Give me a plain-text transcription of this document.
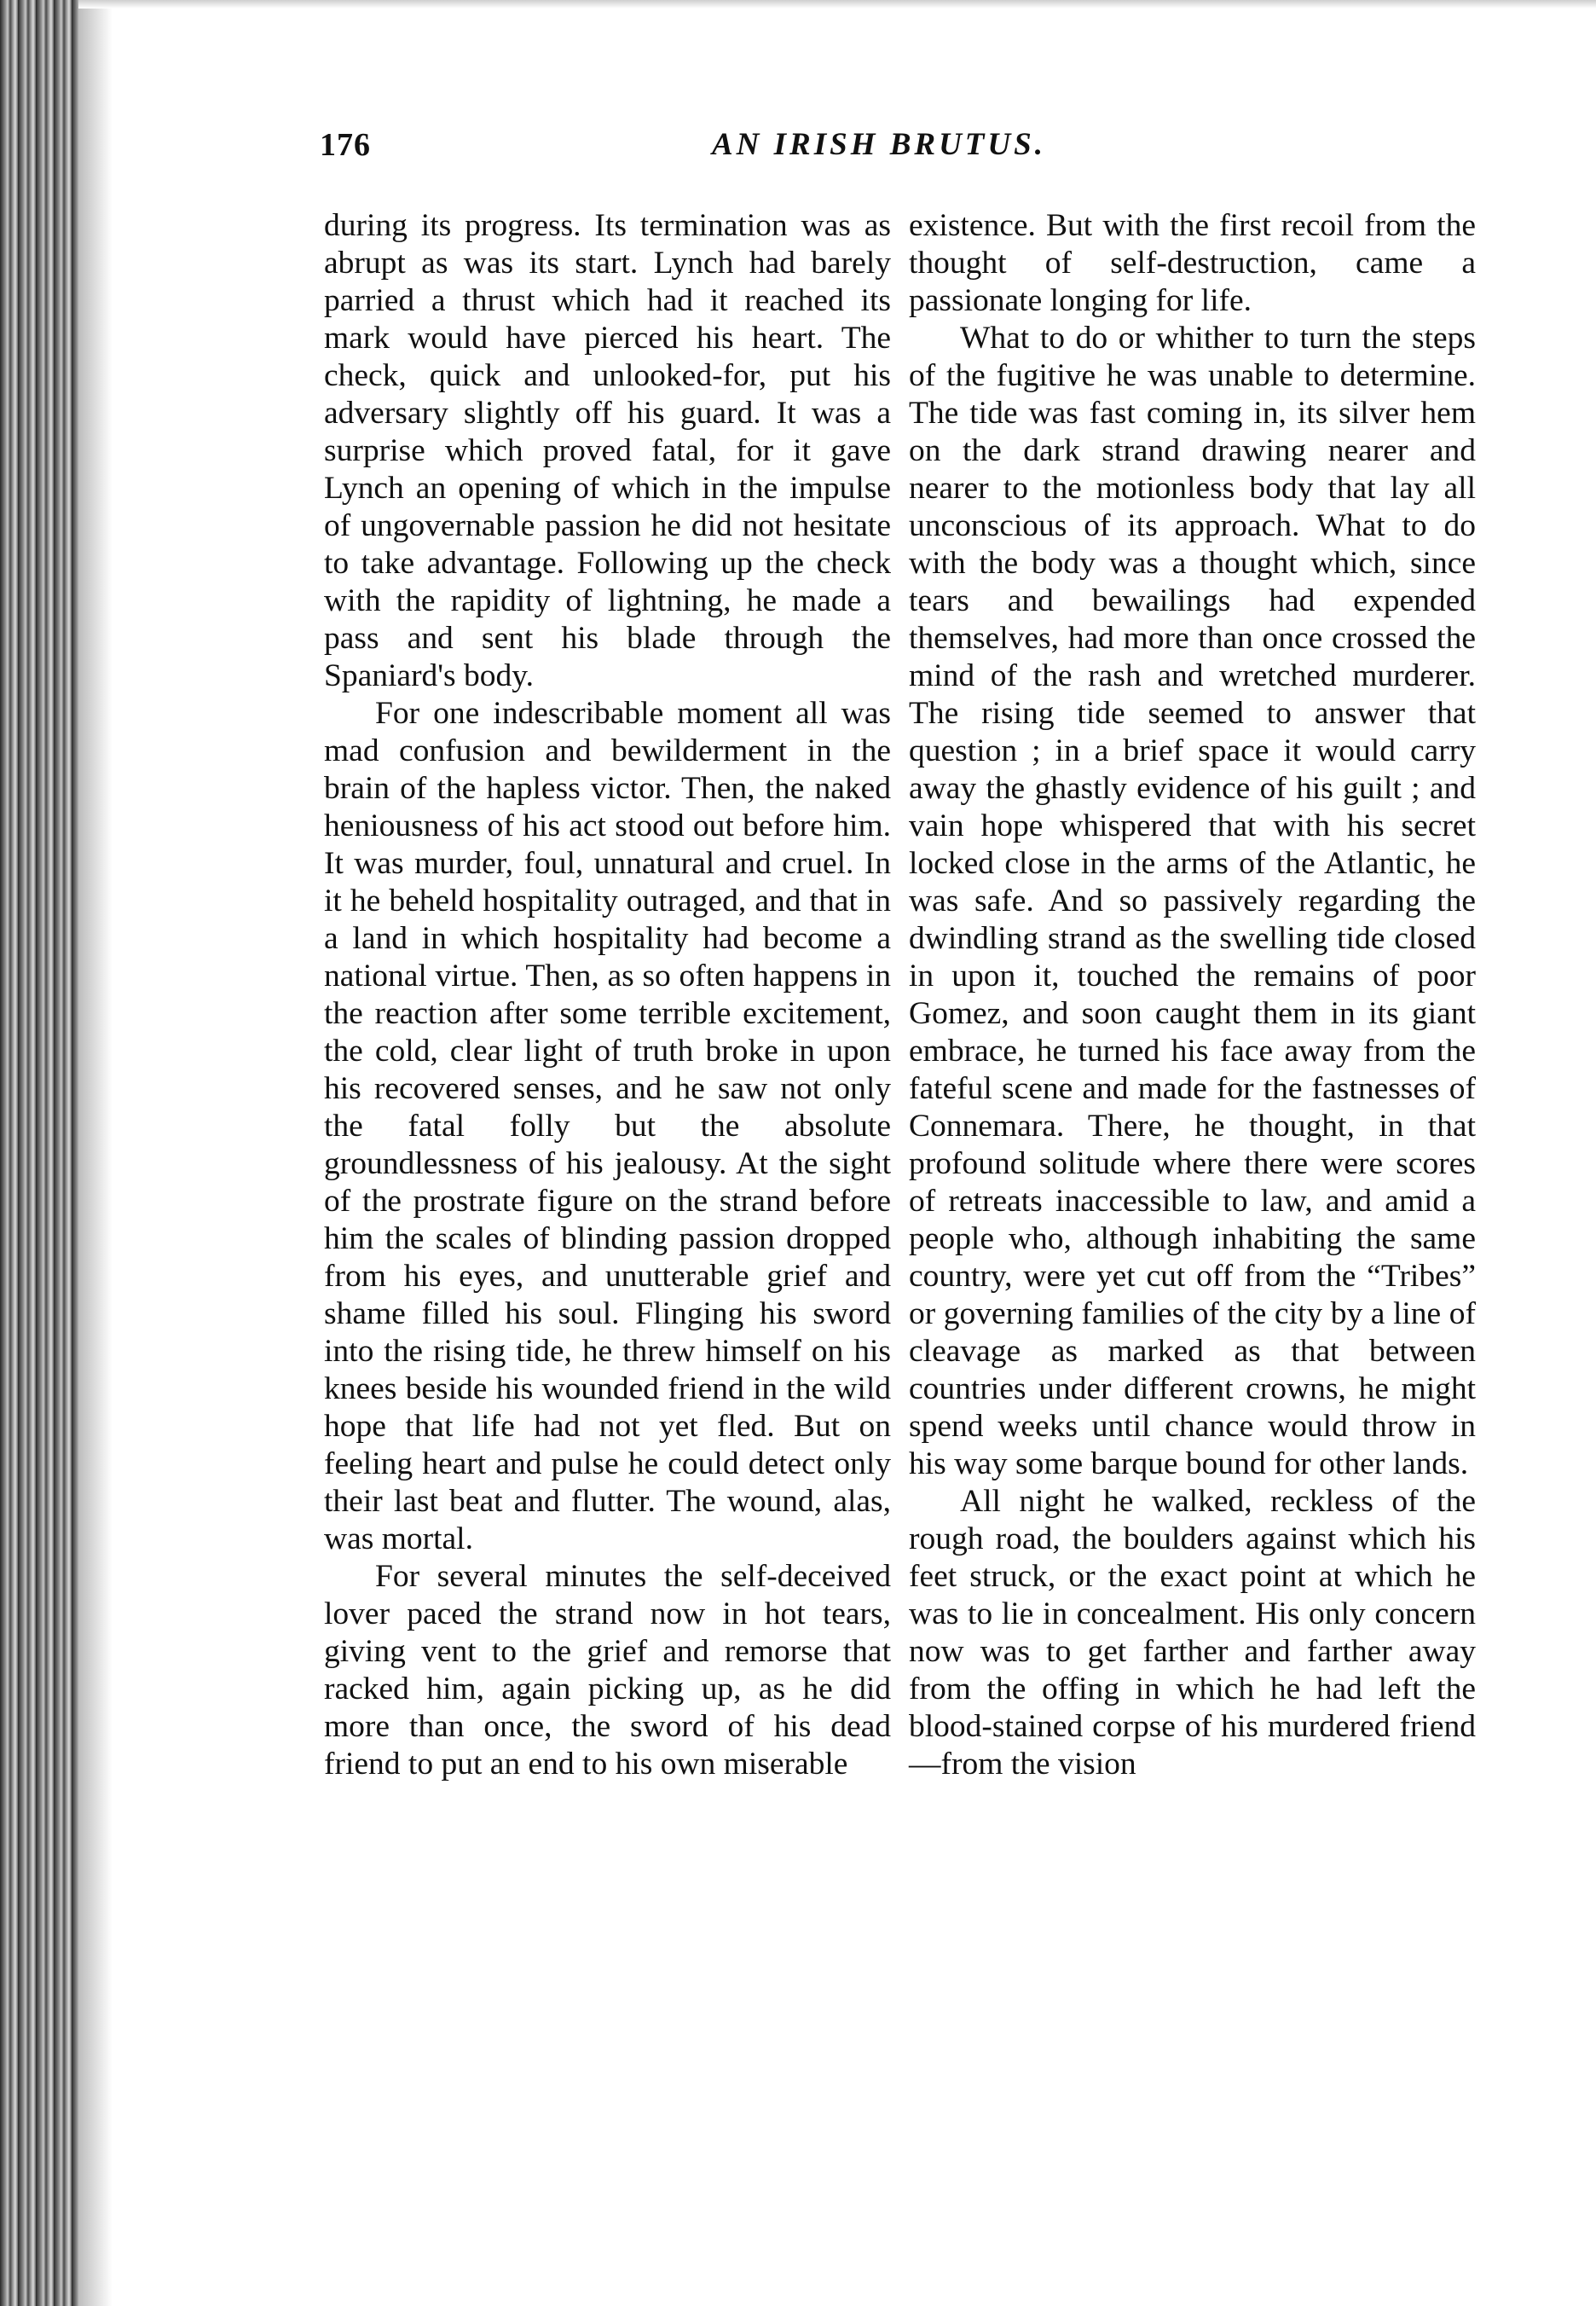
176	AN IRISH BRUTUS.

during its progress. Its termination was as abrupt as was its start. Lynch had barely parried a thrust which had it reached its mark would have pierced his heart. The check, quick and unlooked-for, put his adversary slightly off his guard. It was a surprise which proved fatal, for it gave Lynch an opening of which in the impulse of ungovernable passion he did not hesitate to take advantage. Following up the check with the rapidity of lightning, he made a pass and sent his blade through the Spaniard's body.

For one indescribable moment all was mad confusion and bewilderment in the brain of the hapless victor. Then, the naked heniousness of his act stood out before him. It was murder, foul, unnatural and cruel. In it he beheld hospitality outraged, and that in a land in which hospitality had become a national virtue. Then, as so often happens in the reaction after some terrible excitement, the cold, clear light of truth broke in upon his recovered senses, and he saw not only the fatal folly but the absolute groundlessness of his jealousy. At the sight of the prostrate figure on the strand before him the scales of blinding passion dropped from his eyes, and unutterable grief and shame filled his soul. Flinging his sword into the rising tide, he threw himself on his knees beside his wounded friend in the wild hope that life had not yet fled. But on feeling heart and pulse he could detect only their last beat and flutter. The wound, alas, was mortal.

For several minutes the self-deceived lover paced the strand now in hot tears, giving vent to the grief and remorse that racked him, again picking up, as he did more than once, the sword of his dead friend to put an end to his own miserable

existence. But with the first recoil from the thought of self-destruction, came a passionate longing for life.

What to do or whither to turn the steps of the fugitive he was unable to determine. The tide was fast coming in, its silver hem on the dark strand drawing nearer and nearer to the motionless body that lay all unconscious of its approach. What to do with the body was a thought which, since tears and bewailings had expended themselves, had more than once crossed the mind of the rash and wretched murderer. The rising tide seemed to answer that question ; in a brief space it would carry away the ghastly evidence of his guilt ; and vain hope whispered that with his secret locked close in the arms of the Atlantic, he was safe. And so passively regarding the dwindling strand as the swelling tide closed in upon it, touched the remains of poor Gomez, and soon caught them in its giant embrace, he turned his face away from the fateful scene and made for the fastnesses of Connemara. There, he thought, in that profound solitude where there were scores of retreats inaccessible to law, and amid a people who, although inhabiting the same country, were yet cut off from the “Tribes” or governing families of the city by a line of cleavage as marked as that between countries under different crowns, he might spend weeks until chance would throw in his way some barque bound for other lands.

All night he walked, reckless of the rough road, the boulders against which his feet struck, or the exact point at which he was to lie in concealment. His only concern now was to get farther and farther away from the offing in which he had left the blood-stained corpse of his murdered friend—from the vision
